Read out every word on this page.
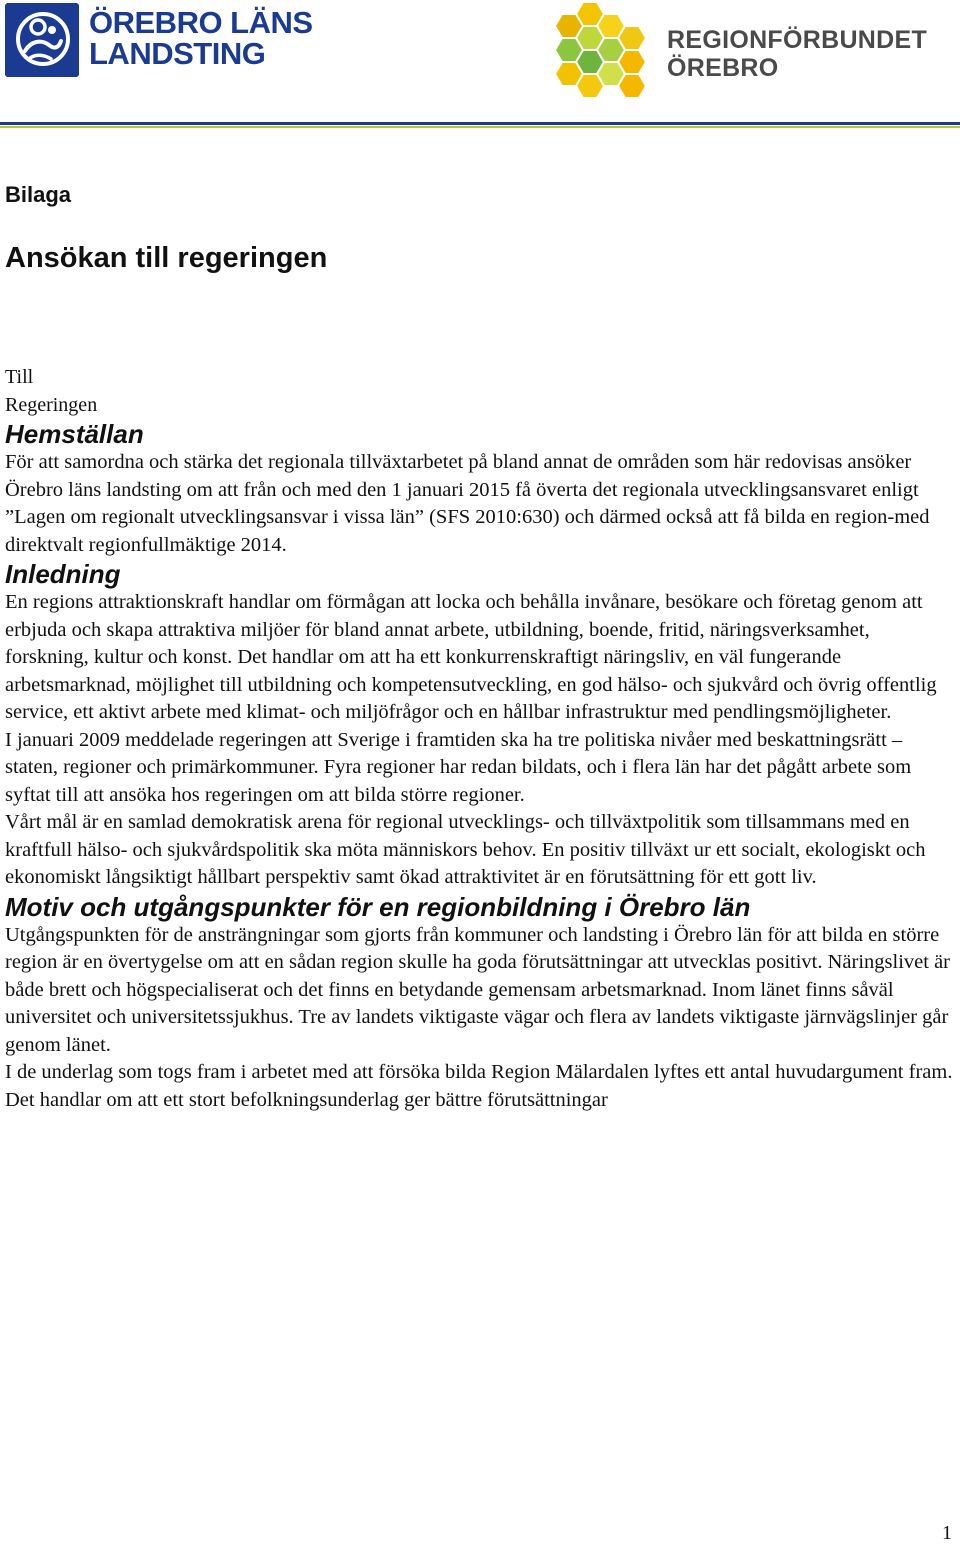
ÖREBRO LÄNS
LANDSTING	REGIONFÖRBUNDET
ÖREBRO
Bilaga
Ansökan till regeringen
Till
Regeringen
Hemställan

För att samordna och stärka det regionala tillväxtarbetet på bland annat de områden som här redovisas ansöker Örebro läns landsting om att från och med den 1 januari 2015 få överta det regionala utvecklingsansvaret enligt ”Lagen om regionalt utvecklingsansvar i vissa län” (SFS 2010:630) och därmed också att få bilda en region-med direktvalt regionfullmäktige 2014.

Inledning

En regions attraktionskraft handlar om förmågan att locka och behålla invånare, besökare och företag genom att erbjuda och skapa attraktiva miljöer för bland annat arbete, utbildning, boende, fritid, näringsverksamhet, forskning, kultur och konst. Det handlar om att ha ett konkurrenskraftigt näringsliv, en väl fungerande arbetsmarknad, möjlighet till utbildning och kompetensutveckling, en god hälso- och sjukvård och övrig offentlig service, ett aktivt arbete med klimat- och miljöfrågor och en hållbar infrastruktur med pendlingsmöjligheter.

I januari 2009 meddelade regeringen att Sverige i framtiden ska ha tre politiska nivåer med beskattningsrätt – staten, regioner och primärkommuner. Fyra regioner har redan bildats, och i flera län har det pågått arbete som syftat till att ansöka hos regeringen om att bilda större regioner.

Vårt mål är en samlad demokratisk arena för regional utvecklings- och tillväxtpolitik som tillsammans med en kraftfull hälso- och sjukvårdspolitik ska möta människors behov. En positiv tillväxt ur ett socialt, ekologiskt och ekonomiskt långsiktigt hållbart perspektiv samt ökad attraktivitet är en förutsättning för ett gott liv.

Motiv och utgångspunkter för en regionbildning i Örebro län

Utgångspunkten för de ansträngningar som gjorts från kommuner och landsting i Örebro län för att bilda en större region är en övertygelse om att en sådan region skulle ha goda förutsättningar att utvecklas positivt. Näringslivet är både brett och högspecialiserat och det finns en betydande gemensam arbetsmarknad. Inom länet finns såväl universitet och universitetssjukhus. Tre av landets viktigaste vägar och flera av landets viktigaste järnvägslinjer går genom länet.

I de underlag som togs fram i arbetet med att försöka bilda Region Mälardalen lyftes ett antal huvudargument fram. Det handlar om att ett stort befolkningsunderlag ger bättre förutsättningar

1
